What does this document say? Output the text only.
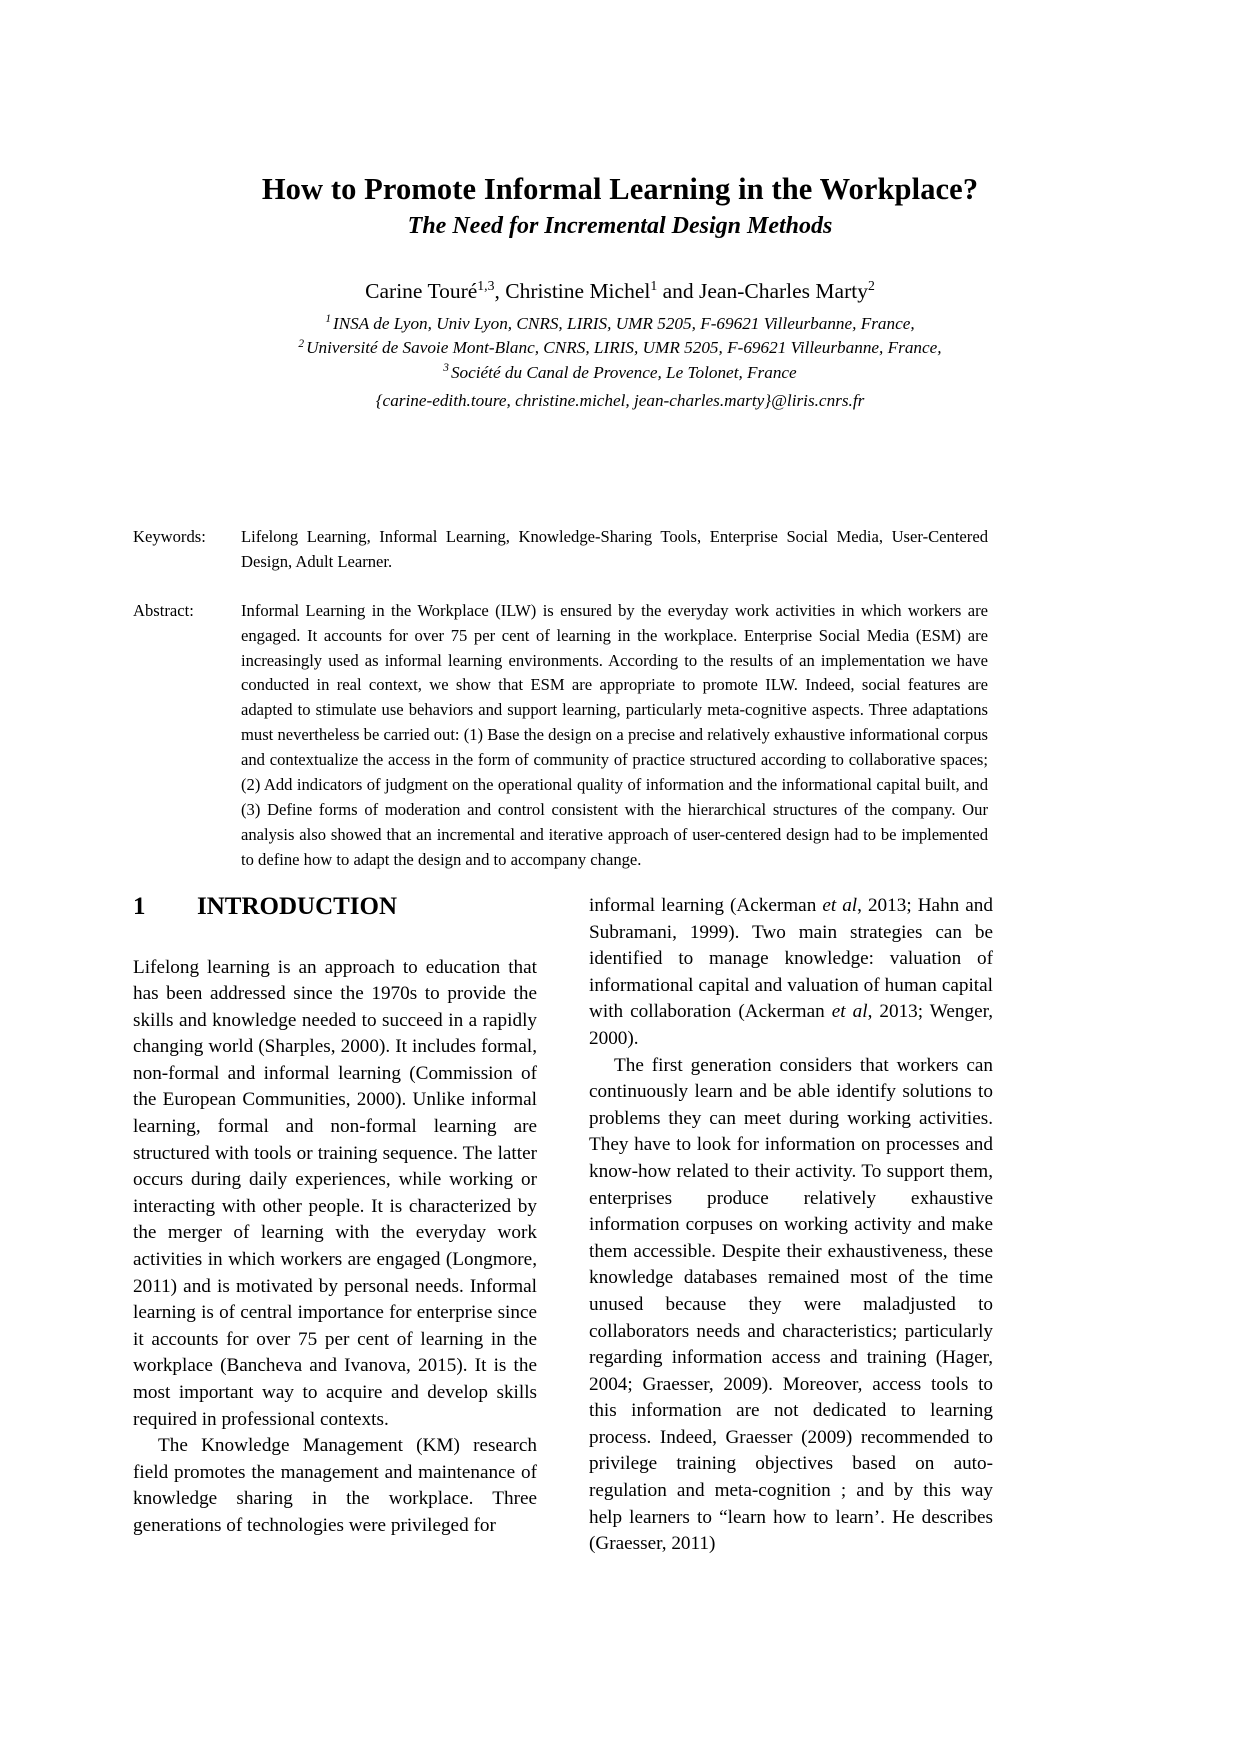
How to Promote Informal Learning in the Workplace?
The Need for Incremental Design Methods

Carine Touré$^{1,3}$, Christine Michel$^1$ and Jean-Charles Marty$^2$

$^1$ INSA de Lyon, Univ Lyon, CNRS, LIRIS, UMR 5205, F-69621 Villeurbanne, France,

$^2$ Université de Savoie Mont-Blanc, CNRS, LIRIS, UMR 5205, F-69621 Villeurbanne, France,

$^3$ Société du Canal de Provence, Le Tolonet, France

{carine-edith.toure, christine.michel, jean-charles.marty}@liris.cnrs.fr

Keywords:	Lifelong Learning, Informal Learning, Knowledge-Sharing Tools, Enterprise Social Media, User-Centered Design, Adult Learner.
Abstract:	Informal Learning in the Workplace (ILW) is ensured by the everyday work activities in which workers are engaged. It accounts for over 75 per cent of learning in the workplace. Enterprise Social Media (ESM) are increasingly used as informal learning environments. According to the results of an implementation we have conducted in real context, we show that ESM are appropriate to promote ILW. Indeed, social features are adapted to stimulate use behaviors and support learning, particularly meta-cognitive aspects. Three adaptations must nevertheless be carried out: (1) Base the design on a precise and relatively exhaustive informational corpus and contextualize the access in the form of community of practice structured according to collaborative spaces; (2) Add indicators of judgment on the operational quality of information and the informational capital built, and (3) Define forms of moderation and control consistent with the hierarchical structures of the company. Our analysis also showed that an incremental and iterative approach of user-centered design had to be implemented to define how to adapt the design and to accompany change.
1	INTRODUCTION

Lifelong learning is an approach to education that has been addressed since the 1970s to provide the skills and knowledge needed to succeed in a rapidly changing world (Sharples, 2000). It includes formal, non-formal and informal learning (Commission of the European Communities, 2000). Unlike informal learning, formal and non-formal learning are structured with tools or training sequence. The latter occurs during daily experiences, while working or interacting with other people. It is characterized by the merger of learning with the everyday work activities in which workers are engaged (Longmore, 2011) and is motivated by personal needs. Informal learning is of central importance for enterprise since it accounts for over 75 per cent of learning in the workplace (Bancheva and Ivanova, 2015). It is the most important way to acquire and develop skills required in professional contexts.

The Knowledge Management (KM) research field promotes the management and maintenance of knowledge sharing in the workplace. Three generations of technologies were privileged for

informal learning (Ackerman et al, 2013; Hahn and Subramani, 1999). Two main strategies can be identified to manage knowledge: valuation of informational capital and valuation of human capital with collaboration (Ackerman et al, 2013; Wenger, 2000).

The first generation considers that workers can continuously learn and be able identify solutions to problems they can meet during working activities. They have to look for information on processes and know-how related to their activity. To support them, enterprises produce relatively exhaustive information corpuses on working activity and make them accessible. Despite their exhaustiveness, these knowledge databases remained most of the time unused because they were maladjusted to collaborators needs and characteristics; particularly regarding information access and training (Hager, 2004; Graesser, 2009). Moreover, access tools to this information are not dedicated to learning process. Indeed, Graesser (2009) recommended to privilege training objectives based on auto-regulation and meta-cognition ; and by this way help learners to “learn how to learn’. He describes (Graesser, 2011)
